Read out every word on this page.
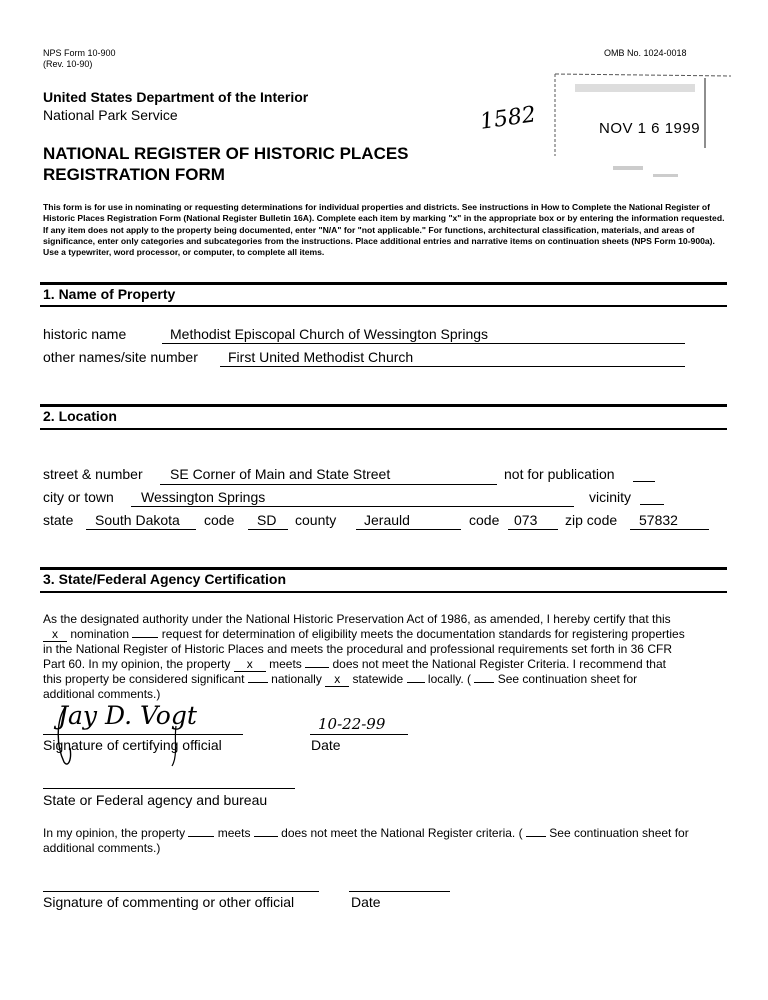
NPS Form 10-900
(Rev. 10-90)
OMB No. 1024-0018
United States Department of the Interior
National Park Service
NATIONAL REGISTER OF HISTORIC PLACES
REGISTRATION FORM
1582	NOV 1 6 1999
This form is for use in nominating or requesting determinations for individual properties and districts. See instructions in How to Complete the National Register of Historic Places Registration Form (National Register Bulletin 16A). Complete each item by marking "x" in the appropriate box or by entering the information requested. If any item does not apply to the property being documented, enter "N/A" for "not applicable." For functions, architectural classification, materials, and areas of significance, enter only categories and subcategories from the instructions. Place additional entries and narrative items on continuation sheets (NPS Form 10-900a). Use a typewriter, word processor, or computer, to complete all items.
1. Name of Property
historic name	Methodist Episcopal Church of Wessington Springs
other names/site number First United Methodist Church
2. Location
street & number SE Corner of Main and State Street	not for publication
city or town Wessington Springs	vicinity
state South Dakota code SD county Jerauld	code 073 zip code 57832
3. State/Federal Agency Certification
As the designated authority under the National Historic Preservation Act of 1986, as amended, I hereby certify that this
x nomination	request for determination of eligibility meets the documentation standards for registering properties
in the National Register of Historic Places and meets the procedural and professional requirements set forth in 36 CFR
Part 60. In my opinion, the property x meets	does not meet the National Register Criteria. I recommend that
this property be considered significant nationally x statewide locally. ( See continuation sheet for
additional comments.)
Jay D. Vogt
Signature of certifying official
10-22-99
Date
State or Federal agency and bureau
In my opinion, the property	meets	does not meet the National Register criteria. ( See continuation sheet for
additional comments.)
Signature of commenting or other official	Date
